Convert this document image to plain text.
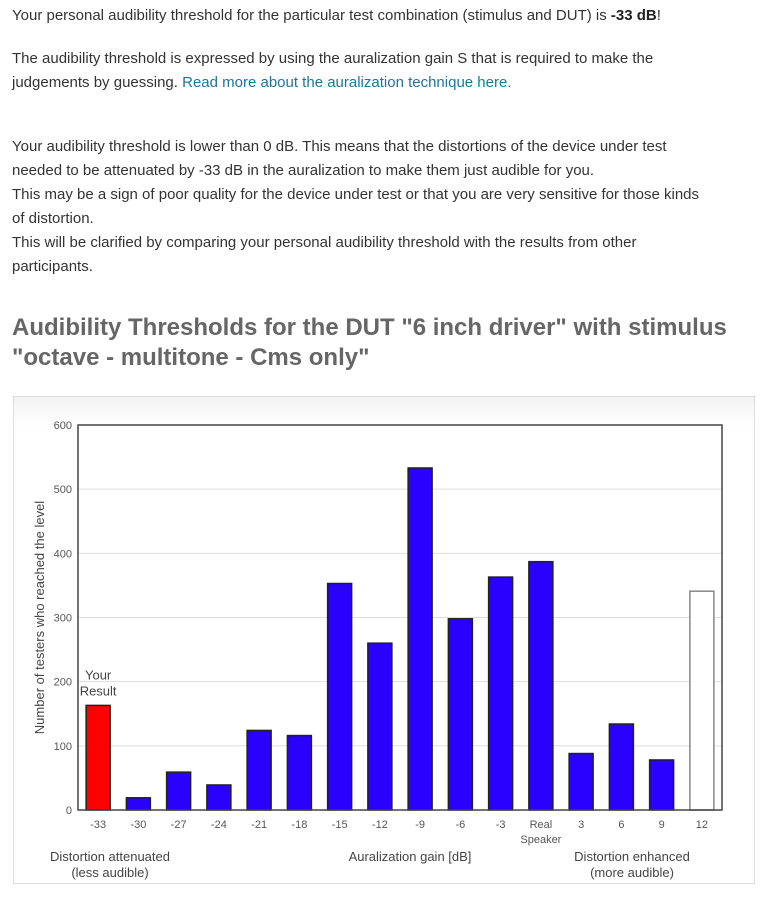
Your personal audibility threshold for the particular test combination (stimulus and DUT) is -33 dB!

The audibility threshold is expressed by using the auralization gain S that is required to make the
judgements by guessing. Read more about the auralization technique here.

Your audibility threshold is lower than 0 dB. This means that the distortions of the device under test
needed to be attenuated by -33 dB in the auralization to make them just audible for you.
This may be a sign of poor quality for the device under test or that you are very sensitive for those kinds
of distortion.
This will be clarified by comparing your personal audibility threshold with the results from other
participants.

Audibility Thresholds for the DUT "6 inch driver" with stimulus
"octave - multitone - Cms only"
0
100
200
300
400
500
600
-33
Your
Result
-30 -27 -24 -21 -18 -15 -12 -9	-6	-3 Real
Speaker
3	6	9	12
Number of testers who reached the level
Auralization gain [dB]
Distortion attenuated
(less audible)
Distortion enhanced
(more audible)
